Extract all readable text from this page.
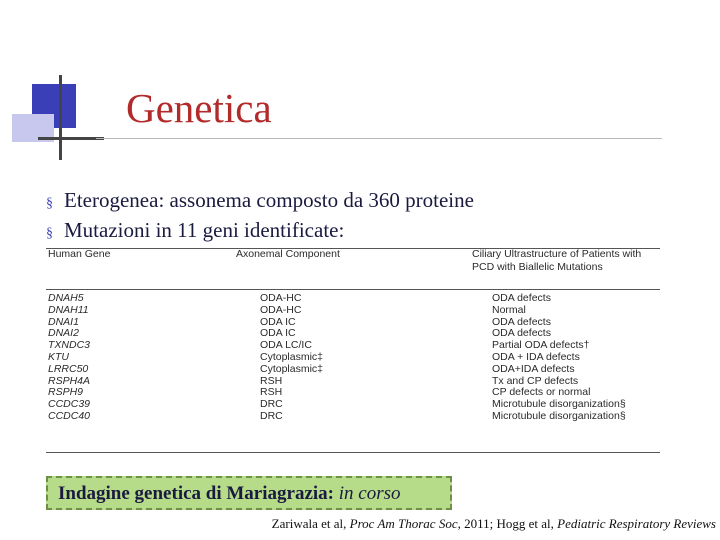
Genetica
§ Eterogenea: assonema composto da 360 proteine
§ Mutazioni in 11 geni identificate:
Human Gene	Axonemal Component	Ciliary Ultrastructure of Patients with
PCD with Biallelic Mutations
DNAH5	ODA-HC	ODA defects
DNAH11	ODA-HC	Normal
DNAI1	ODA IC	ODA defects
DNAI2	ODA IC	ODA defects
TXNDC3	ODA LC/IC	Partial ODA defects†
KTU	Cytoplasmic‡	ODA + IDA defects
LRRC50	Cytoplasmic‡	ODA+IDA defects
RSPH4A	RSH	Tx and CP defects
RSPH9	RSH	CP defects or normal
CCDC39	DRC	Microtubule disorganization§
CCDC40	DRC	Microtubule disorganization§
Indagine genetica di Mariagrazia: in corso
Zariwala et al, Proc Am Thorac Soc, 2011; Hogg et al, Pediatric Respiratory Reviews
